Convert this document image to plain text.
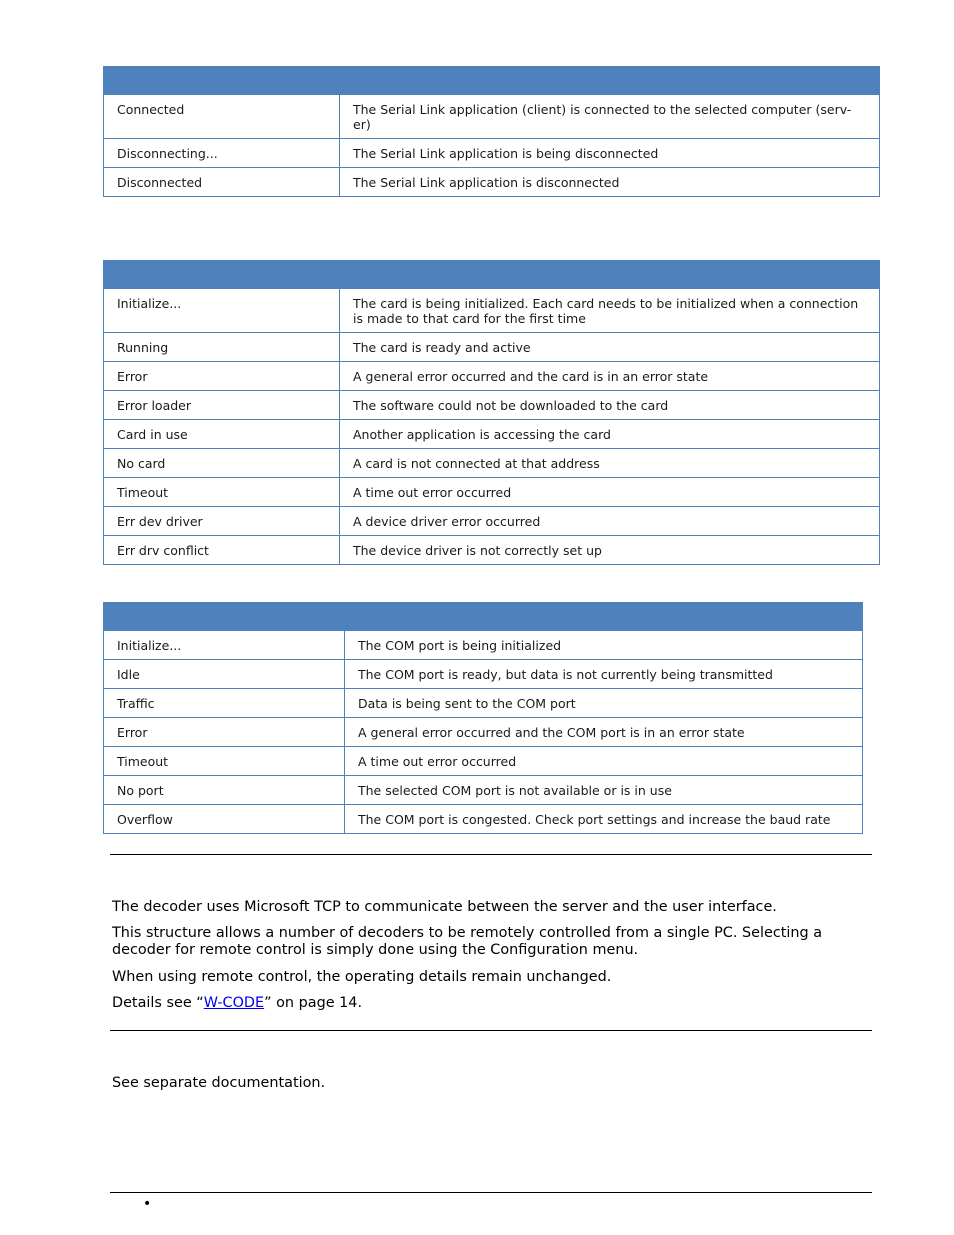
Connected	The Serial Link application (client) is connected to the selected computer (serv-
er)
Disconnecting...	The Serial Link application is being disconnected
Disconnected	The Serial Link application is disconnected

Initialize...	The card is being initialized. Each card needs to be initialized when a connection is made to that card for the first time
Running	The card is ready and active
Error	A general error occurred and the card is in an error state
Error loader	The software could not be downloaded to the card
Card in use	Another application is accessing the card
No card	A card is not connected at that address
Timeout	A time out error occurred
Err dev driver	A device driver error occurred
Err drv conflict	The device driver is not correctly set up

Initialize...	The COM port is being initialized
Idle	The COM port is ready, but data is not currently being transmitted
Traffic	Data is being sent to the COM port
Error	A general error occurred and the COM port is in an error state
Timeout	A time out error occurred
No port	The selected COM port is not available or is in use
Overflow	The COM port is congested. Check port settings and increase the baud rate

The decoder uses Microsoft TCP to communicate between the server and the user interface.

This structure allows a number of decoders to be remotely controlled from a single PC. Selecting a decoder for remote control is simply done using the Configuration menu.

When using remote control, the operating details remain unchanged.

Details see “W-CODE” on page 14.

See separate documentation.

•
